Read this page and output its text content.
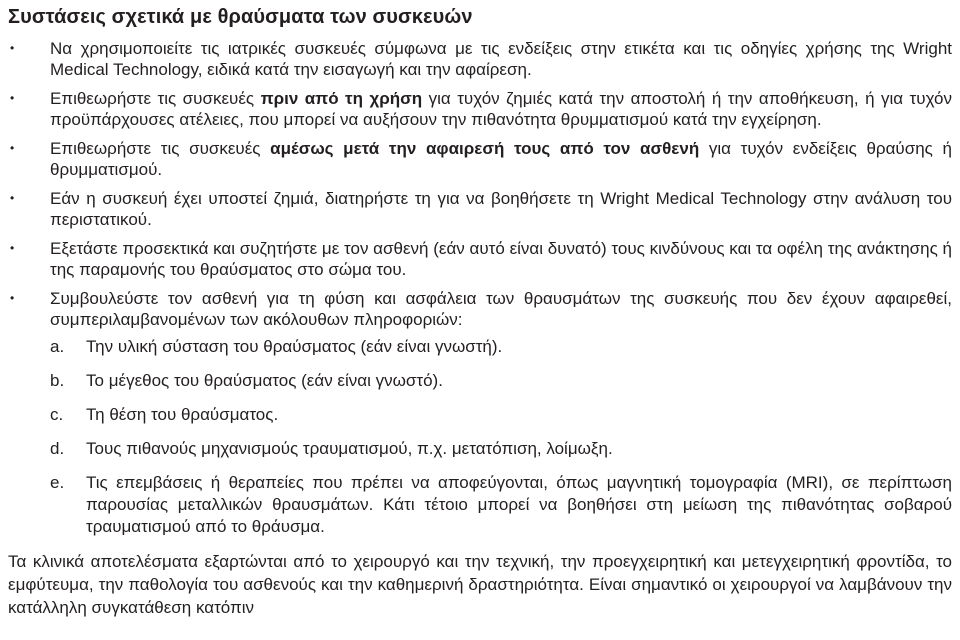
Συστάσεις σχετικά με θραύσματα των συσκευών
•	Να χρησιμοποιείτε τις ιατρικές συσκευές σύμφωνα με τις ενδείξεις στην ετικέτα και τις οδηγίες χρήσης της Wright Medical Technology, ειδικά κατά την εισαγωγή και την αφαίρεση.
•	Επιθεωρήστε τις συσκευές πριν από τη χρήση για τυχόν ζημιές κατά την αποστολή ή την αποθήκευση, ή για τυχόν προϋπάρχουσες ατέλειες, που μπορεί να αυξήσουν την πιθανότητα θρυμματισμού κατά την εγχείρηση.
•	Επιθεωρήστε τις συσκευές αμέσως μετά την αφαιρεσή τους από τον ασθενή για τυχόν ενδείξεις θραύσης ή θρυμματισμού.
•	Εάν η συσκευή έχει υποστεί ζημιά, διατηρήστε τη για να βοηθήσετε τη Wright Medical Technology στην ανάλυση του περιστατικού.
•	Εξετάστε προσεκτικά και συζητήστε με τον ασθενή (εάν αυτό είναι δυνατό) τους κινδύνους και τα οφέλη της ανάκτησης ή της παραμονής του θραύσματος στο σώμα του.
•	Συμβουλεύστε τον ασθενή για τη φύση και ασφάλεια των θραυσμάτων της συσκευής που δεν έχουν αφαιρεθεί, συμπεριλαμβανομένων των ακόλουθων πληροφοριών:
a. Την υλική σύσταση του θραύσματος (εάν είναι γνωστή).
b. Το μέγεθος του θραύσματος (εάν είναι γνωστό).
c. Τη θέση του θραύσματος.
d. Τους πιθανούς μηχανισμούς τραυματισμού, π.χ. μετατόπιση, λοίμωξη.
e. Τις επεμβάσεις ή θεραπείες που πρέπει να αποφεύγονται, όπως μαγνητική τομογραφία (MRI), σε περίπτωση παρουσίας μεταλλικών θραυσμάτων. Κάτι τέτοιο μπορεί να βοηθήσει στη μείωση της πιθανότητας σοβαρού τραυματισμού από το θράυσμα.

Τα κλινικά αποτελέσματα εξαρτώνται από το χειρουργό και την τεχνική, την προεγχειρητική και μετεγχειρητική φροντίδα, το εμφύτευμα, την παθολογία του ασθενούς και την καθημερινή δραστηριότητα. Είναι σημαντικό οι χειρουργοί να λαμβάνουν την κατάλληλη συγκατάθεση κατόπιν
